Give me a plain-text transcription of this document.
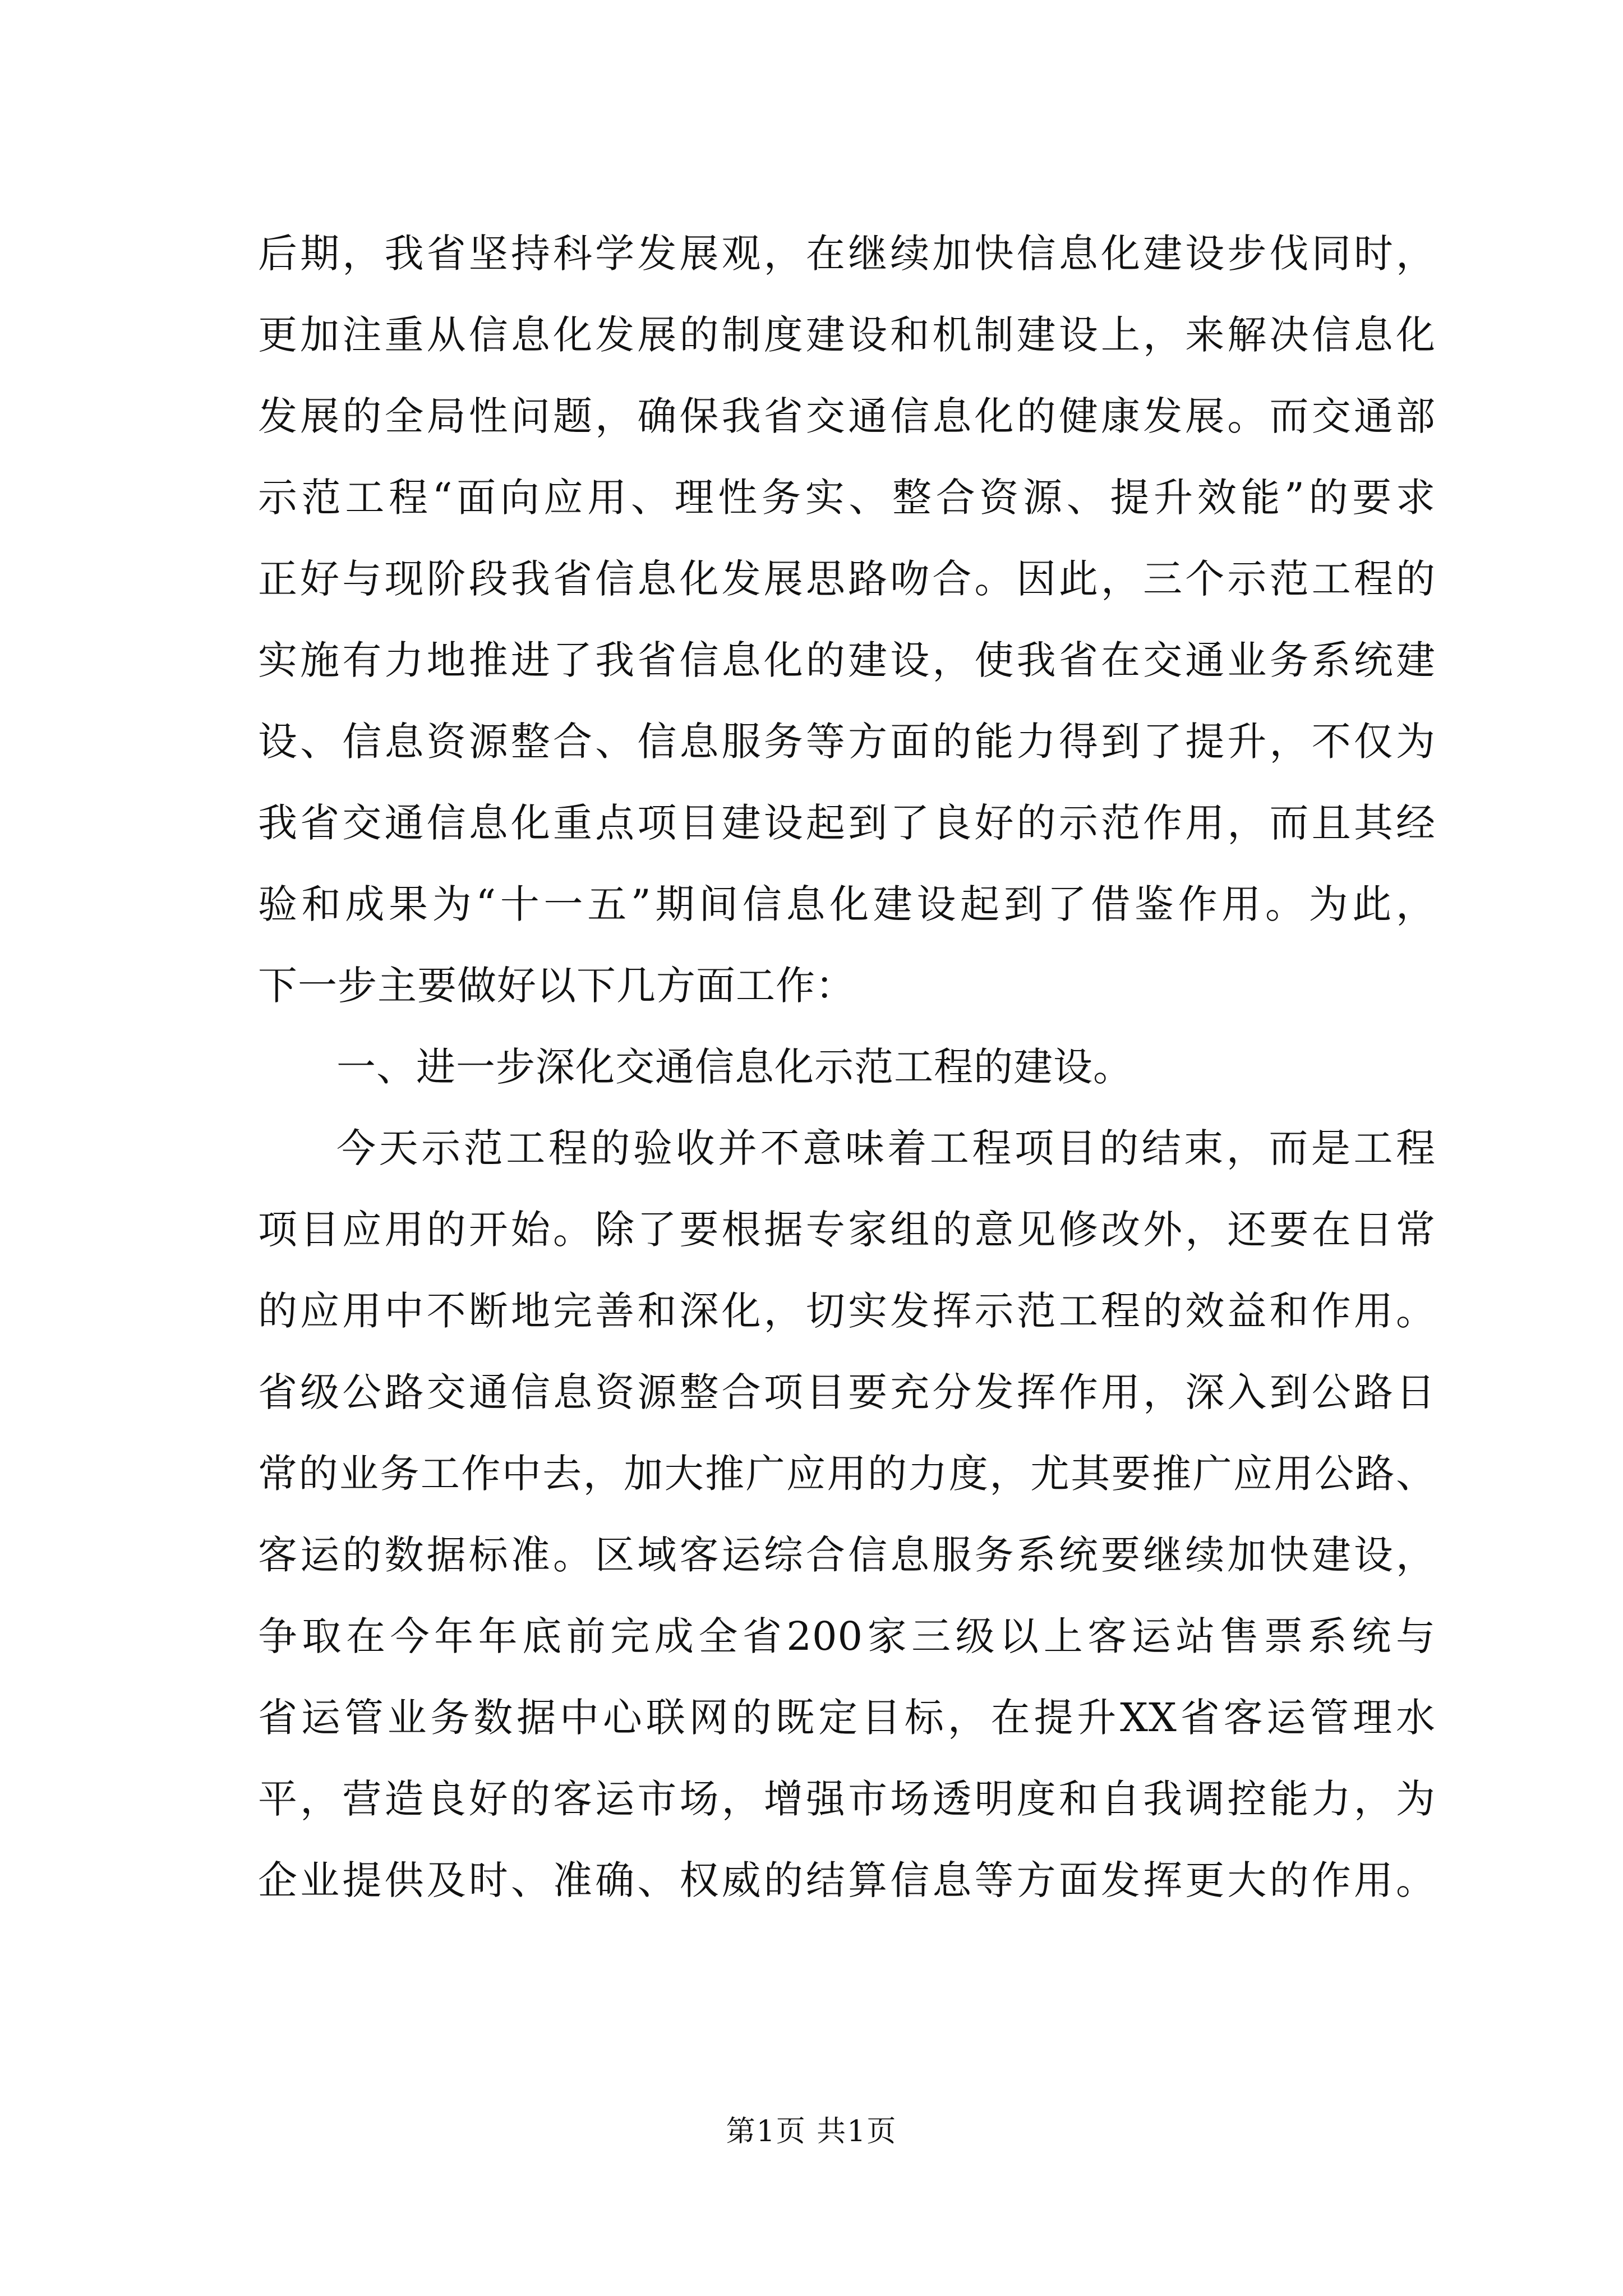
后期，我省坚持科学发展观，在继续加快信息化建设步伐同时，
更加注重从信息化发展的制度建设和机制建设上，来解决信息化
发展的全局性问题，确保我省交通信息化的健康发展。而交通部
示范工程“面向应用、理性务实、整合资源、提升效能”的要求
正好与现阶段我省信息化发展思路吻合。因此，三个示范工程的
实施有力地推进了我省信息化的建设，使我省在交通业务系统建
设、信息资源整合、信息服务等方面的能力得到了提升，不仅为
我省交通信息化重点项目建设起到了良好的示范作用，而且其经
验和成果为“十一五”期间信息化建设起到了借鉴作用。为此，
下一步主要做好以下几方面工作：
一、进一步深化交通信息化示范工程的建设。
今天示范工程的验收并不意味着工程项目的结束，而是工程
项目应用的开始。除了要根据专家组的意见修改外，还要在日常
的应用中不断地完善和深化，切实发挥示范工程的效益和作用。
省级公路交通信息资源整合项目要充分发挥作用，深入到公路日
常的业务工作中去，加大推广应用的力度，尤其要推广应用公路、
客运的数据标准。区域客运综合信息服务系统要继续加快建设，
争取在今年年底前完成全省200家三级以上客运站售票系统与
省运管业务数据中心联网的既定目标，在提升XX省客运管理水
平，营造良好的客运市场，增强市场透明度和自我调控能力，为
企业提供及时、准确、权威的结算信息等方面发挥更大的作用。
第1页 共1页
